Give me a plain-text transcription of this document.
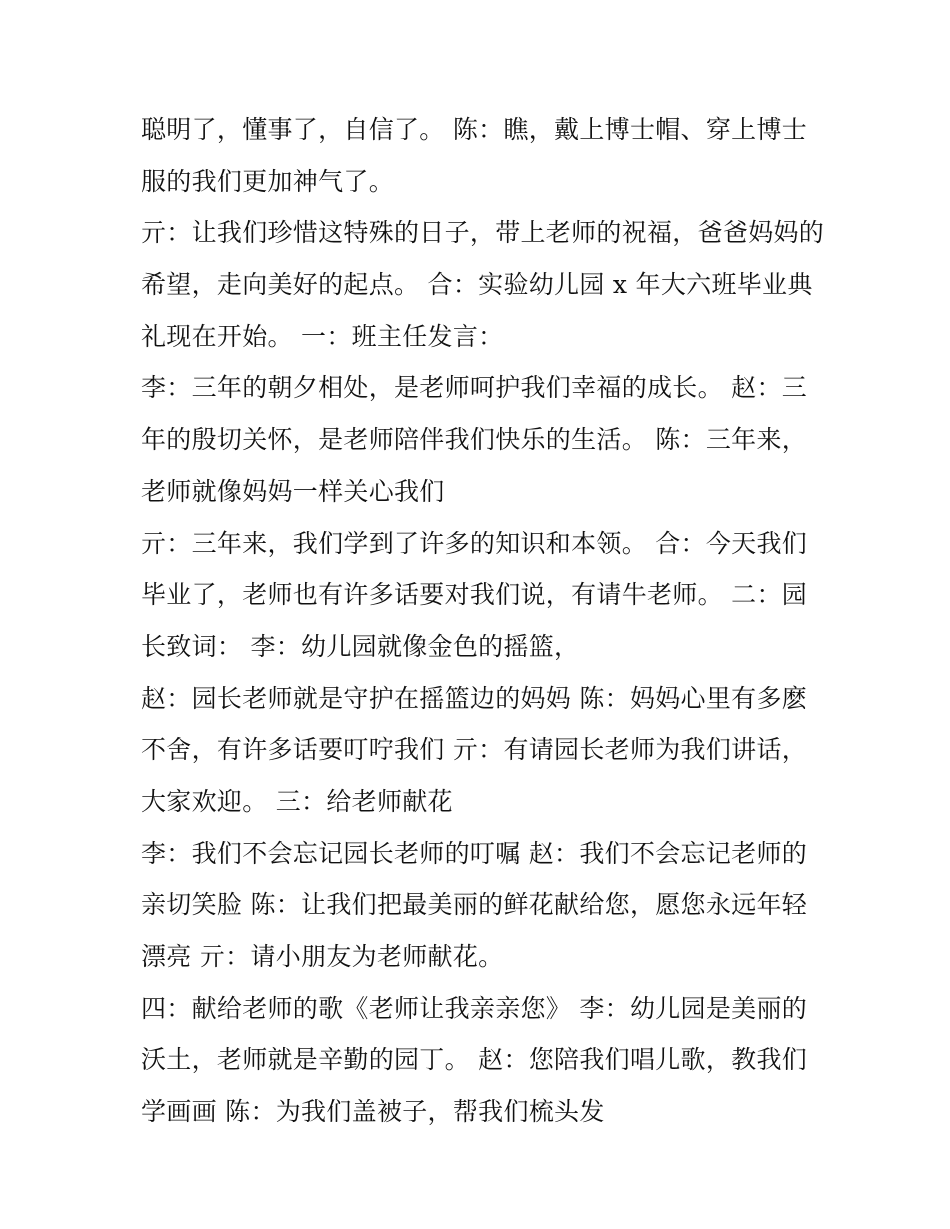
聪明了，懂事了，自信了。 陈：瞧，戴上博士帽、穿上博士
服的我们更加神气了。
亓：让我们珍惜这特殊的日子，带上老师的祝福，爸爸妈妈的
希望，走向美好的起点。 合：实验幼儿园 x 年大六班毕业典
礼现在开始。 一：班主任发言：
李：三年的朝夕相处，是老师呵护我们幸福的成长。 赵：三
年的殷切关怀，是老师陪伴我们快乐的生活。 陈：三年来，
老师就像妈妈一样关心我们
亓：三年来，我们学到了许多的知识和本领。 合：今天我们
毕业了，老师也有许多话要对我们说，有请牛老师。 二：园
长致词： 李：幼儿园就像金色的摇篮，
赵：园长老师就是守护在摇篮边的妈妈 陈：妈妈心里有多麽
不舍，有许多话要叮咛我们 亓：有请园长老师为我们讲话，
大家欢迎。 三：给老师献花
李：我们不会忘记园长老师的叮嘱 赵：我们不会忘记老师的
亲切笑脸 陈：让我们把最美丽的鲜花献给您，愿您永远年轻
漂亮 亓：请小朋友为老师献花。
四：献给老师的歌《老师让我亲亲您》 李：幼儿园是美丽的
沃土，老师就是辛勤的园丁。 赵：您陪我们唱儿歌，教我们
学画画 陈：为我们盖被子，帮我们梳头发
